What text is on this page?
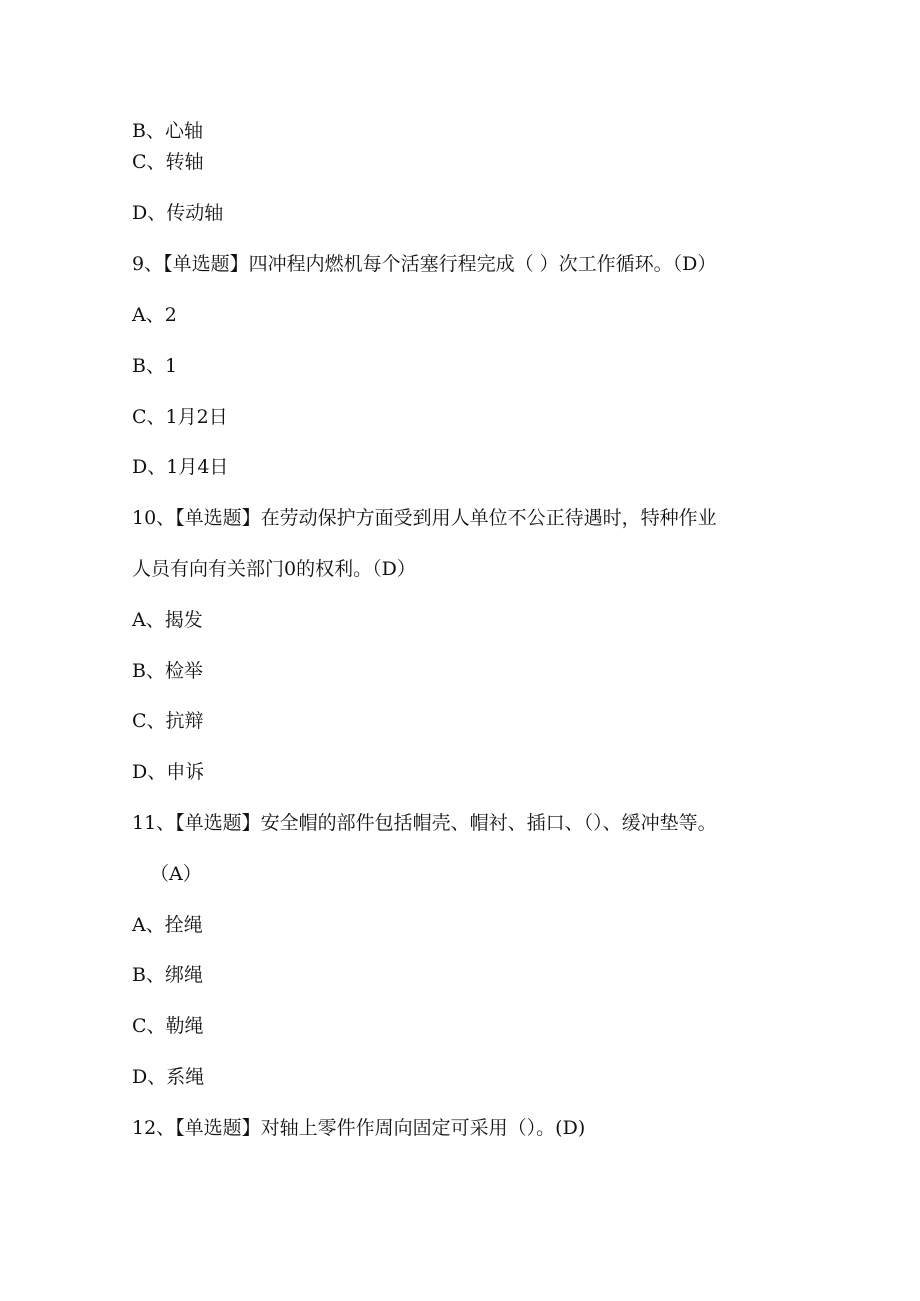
B、心轴
C、转轴
D、传动轴
9、【单选题】四冲程内燃机每个活塞行程完成（ ）次工作循环。（D）
A、2
B、1
C、1月2日
D、1月4日
10、【单选题】在劳动保护方面受到用人单位不公正待遇时，特种作业
人员有向有关部门0的权利。（D）
A、揭发
B、检举
C、抗辩
D、申诉
11、【单选题】安全帽的部件包括帽壳、帽衬、插口、（）、缓冲垫等。
（A）
A、拴绳
B、绑绳
C、勒绳
D、系绳
12、【单选题】对轴上零件作周向固定可采用（）。(D)
